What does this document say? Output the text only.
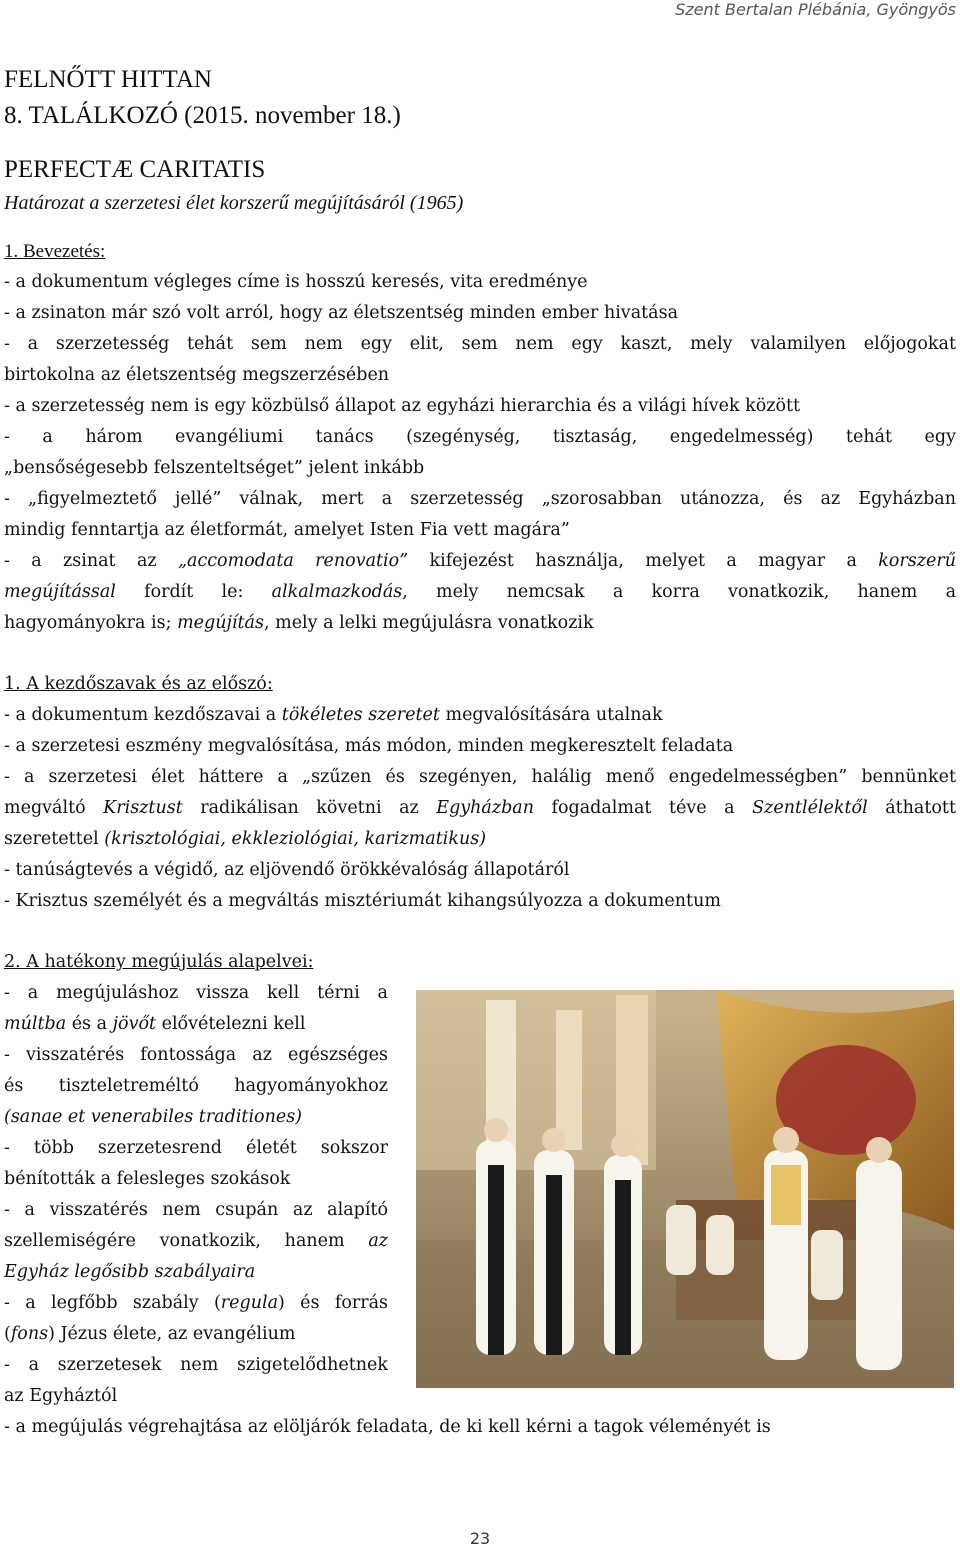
Szent Bertalan Plébánia, Gyöngyös
FELNŐTT HITTAN
8. TALÁLKOZÓ (2015. november 18.)
PERFECTÆ CARITATIS
Határozat a szerzetesi élet korszerű megújításáról (1965)
1. Bevezetés:
- a dokumentum végleges címe is hosszú keresés, vita eredménye
- a zsinaton már szó volt arról, hogy az életszentség minden ember hivatása
- a szerzetesség tehát sem nem egy elit, sem nem egy kaszt, mely valamilyen előjogokat
birtokolna az életszentség megszerzésében
- a szerzetesség nem is egy közbülső állapot az egyházi hierarchia és a világi hívek között
- a három evangéliumi tanács (szegénység, tisztaság, engedelmesség) tehát egy
„bensőségesebb felszenteltséget” jelent inkább
- „figyelmeztető jellé” válnak, mert a szerzetesség „szorosabban utánozza, és az Egyházban
mindig fenntartja az életformát, amelyet Isten Fia vett magára”
- a zsinat az „accomodata renovatio” kifejezést használja, melyet a magyar a korszerű
megújítással fordít le: alkalmazkodás, mely nemcsak a korra vonatkozik, hanem a
hagyományokra is; megújítás, mely a lelki megújulásra vonatkozik
1. A kezdőszavak és az előszó:
- a dokumentum kezdőszavai a tökéletes szeretet megvalósítására utalnak
- a szerzetesi eszmény megvalósítása, más módon, minden megkeresztelt feladata
- a szerzetesi élet háttere a „szűzen és szegényen, halálig menő engedelmességben” bennünket
megváltó Krisztust radikálisan követni az Egyházban fogadalmat téve a Szentlélektől áthatott
szeretettel (krisztológiai, ekkleziológiai, karizmatikus)
- tanúságtevés a végidő, az eljövendő örökkévalóság állapotáról
- Krisztus személyét és a megváltás misztériumát kihangsúlyozza a dokumentum
2. A hatékony megújulás alapelvei:
- a megújuláshoz vissza kell térni a
múltba és a jövőt elővételezni kell
- visszatérés fontossága az egészséges
és tiszteletreméltó hagyományokhoz
(sanae et venerabiles traditiones)
- több szerzetesrend életét sokszor
bénították a felesleges szokások
- a visszatérés nem csupán az alapító
szellemiségére vonatkozik, hanem az
Egyház legősibb szabályaira
- a legfőbb szabály (regula) és forrás
(fons) Jézus élete, az evangélium
- a szerzetesek nem szigetelődhetnek
az Egyháztól
- a megújulás végrehajtása az elöljárók feladata, de ki kell kérni a tagok véleményét is
23
